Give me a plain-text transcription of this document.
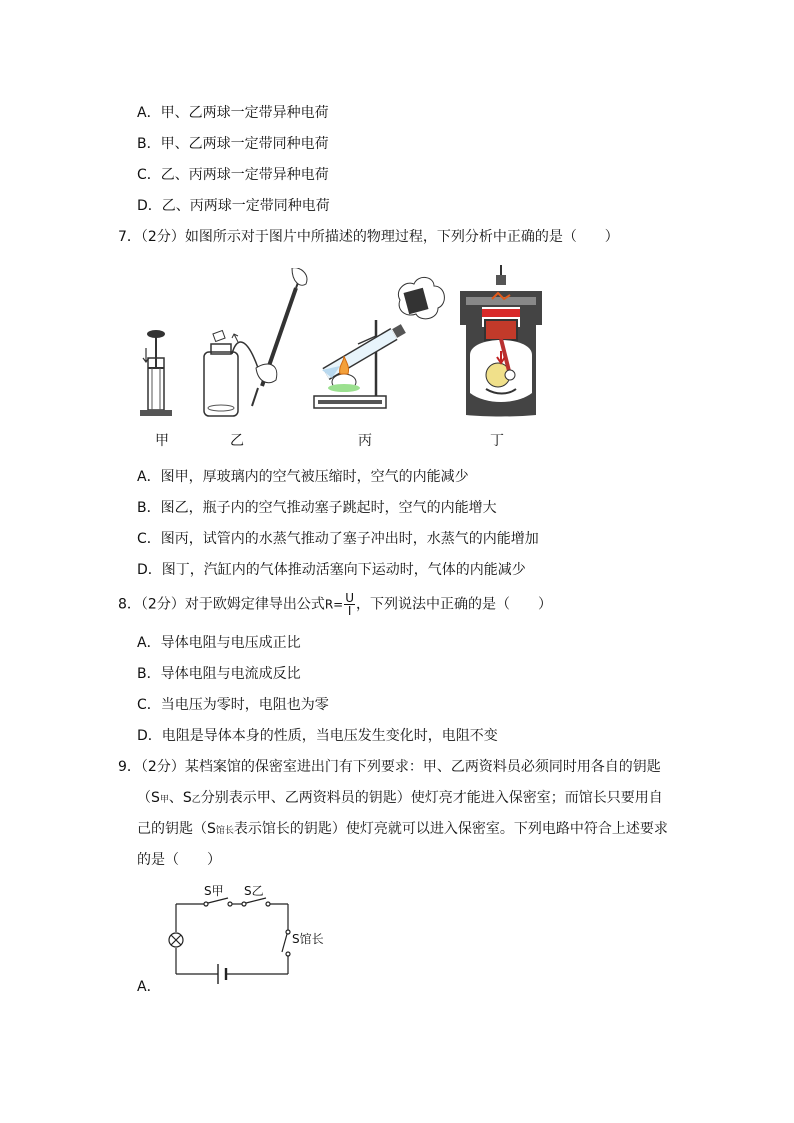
A．甲、乙两球一定带异种电荷
B．甲、乙两球一定带同种电荷
C．乙、丙两球一定带异种电荷
D．乙、丙两球一定带同种电荷
7．（2分）如图所示对于图片中所描述的物理过程，下列分析中正确的是（　　）
甲	乙	丙	丁
A．图甲，厚玻璃内的空气被压缩时，空气的内能减少
B．图乙，瓶子内的空气推动塞子跳起时，空气的内能增大
C．图丙，试管内的水蒸气推动了塞子冲出时，水蒸气的内能增加
D．图丁，汽缸内的气体推动活塞向下运动时，气体的内能减少
8．（2分）对于欧姆定律导出公式$R= \frac{U}{I}$ ，下列说法中正确的是（　　）
A．导体电阻与电压成正比
B．导体电阻与电流成反比
C．当电压为零时，电阻也为零
D．电阻是导体本身的性质，当电压发生变化时，电阻不变
9．（2分）某档案馆的保密室进出门有下列要求：甲、乙两资料员必须同时用各自的钥匙
（S甲、S乙分别表示甲、乙两资料员的钥匙）使灯亮才能进入保密室；而馆长只要用自
己的钥匙（S馆长表示馆长的钥匙）使灯亮就可以进入保密室。下列电路中符合上述要求
的是（　　）
S甲 S乙
S馆长
A．
